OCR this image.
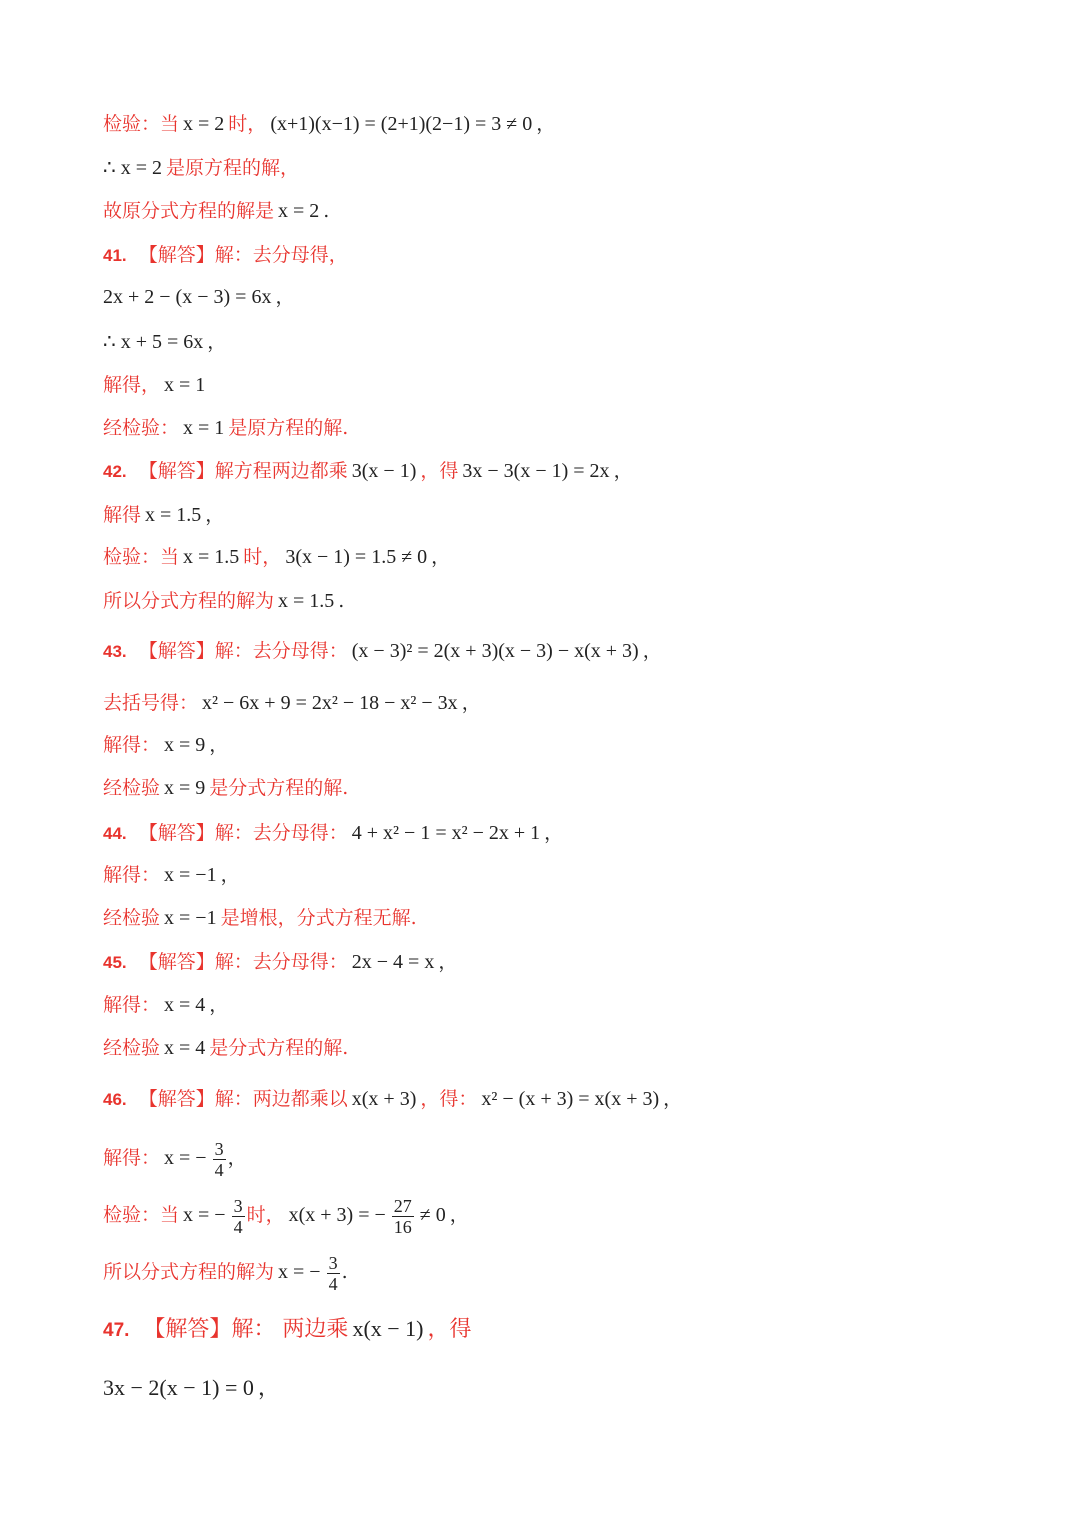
检验：当 x = 2 时， (x+1)(x−1) = (2+1)(2−1) = 3 ≠ 0 ，
∴ x = 2 是原方程的解，
故原分式方程的解是 x = 2 .
41. 【解答】解：去分母得，
2x + 2 − (x − 3) = 6x ，
∴ x + 5 = 6x ，
解得， x = 1
经检验： x = 1 是原方程的解.
42. 【解答】解方程两边都乘 3(x − 1) ，得 3x − 3(x − 1) = 2x ，
解得 x = 1.5 ，
检验：当 x = 1.5 时， 3(x − 1) = 1.5 ≠ 0 ，
所以分式方程的解为 x = 1.5 .
43. 【解答】解：去分母得： (x − 3)² = 2(x + 3)(x − 3) − x(x + 3) ，
去括号得： x² − 6x + 9 = 2x² − 18 − x² − 3x ，
解得： x = 9 ，
经检验 x = 9 是分式方程的解.
44. 【解答】解：去分母得： 4 + x² − 1 = x² − 2x + 1 ，
解得： x = −1 ，
经检验 x = −1 是增根，分式方程无解.
45. 【解答】解：去分母得： 2x − 4 = x ，
解得： x = 4 ，
经检验 x = 4 是分式方程的解.
46. 【解答】解：两边都乘以 x(x + 3) ，得： x² − (x + 3) = x(x + 3) ，
解得： x = − $\frac{3}{4}$ ，
检验：当 x = − $\frac{3}{4}$ 时， x(x + 3) = − $\frac{27}{16} \ne 0$ ，
所以分式方程的解为 x = − $\frac{3}{4}$ .
47. 【解答】解： 两边乘 x(x − 1) ，得
3x − 2(x − 1) = 0 ，
